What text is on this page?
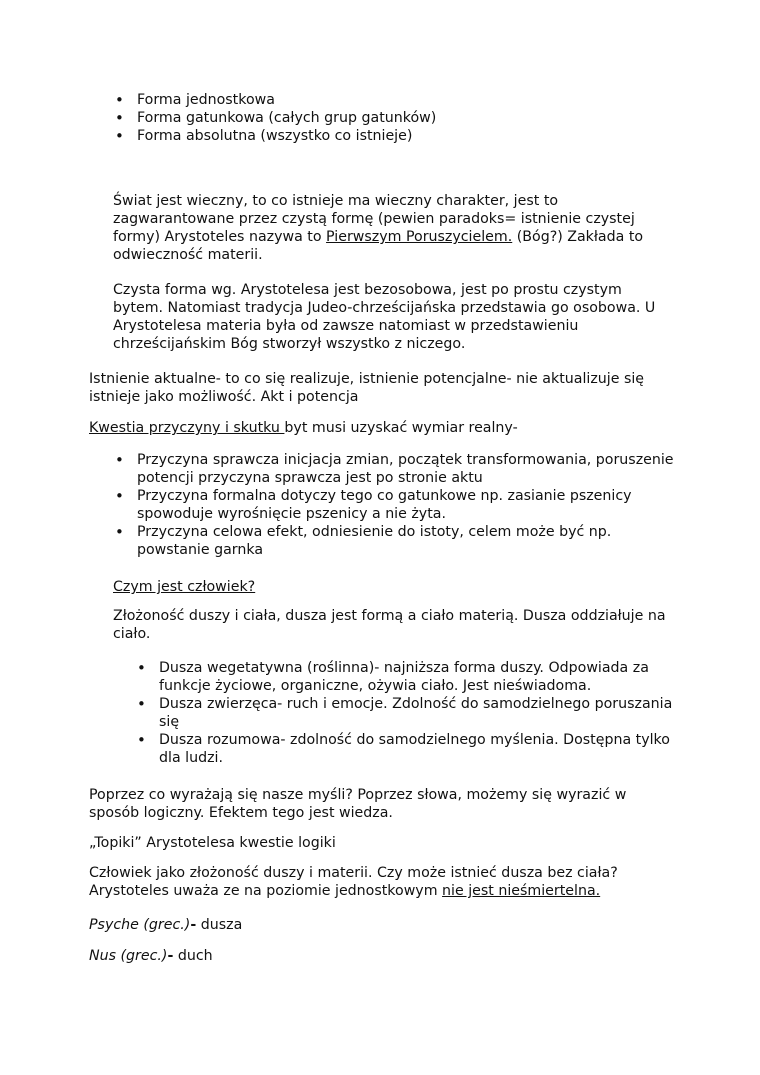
• Forma jednostkowa
• Forma gatunkowa (całych grup gatunków)
• Forma absolutna (wszystko co istnieje)

Świat jest wieczny, to co istnieje ma wieczny charakter, jest to zagwarantowane przez czystą formę (pewien paradoks= istnienie czystej formy) Arystoteles nazywa to Pierwszym Poruszycielem. (Bóg?) Zakłada to odwieczność materii.

Czysta forma wg. Arystotelesa jest bezosobowa, jest po prostu czystym bytem. Natomiast tradycja Judeo-chrześcijańska przedstawia go osobowa. U Arystotelesa materia była od zawsze natomiast w przedstawieniu chrześcijańskim Bóg stworzył wszystko z niczego.

Istnienie aktualne- to co się realizuje, istnienie potencjalne- nie aktualizuje się istnieje jako możliwość. Akt i potencja

Kwestia przyczyny i skutku byt musi uzyskać wymiar realny-

• Przyczyna sprawcza inicjacja zmian, początek transformowania, poruszenie potencji przyczyna sprawcza jest po stronie aktu
• Przyczyna formalna dotyczy tego co gatunkowe np. zasianie pszenicy spowoduje wyrośnięcie pszenicy a nie żyta.
• Przyczyna celowa efekt, odniesienie do istoty, celem może być np. powstanie garnka

Czym jest człowiek?

Złożoność duszy i ciała, dusza jest formą a ciało materią. Dusza oddziałuje na ciało.

• Dusza wegetatywna (roślinna)- najniższa forma duszy. Odpowiada za funkcje życiowe, organiczne, ożywia ciało. Jest nieświadoma.
• Dusza zwierzęca- ruch i emocje. Zdolność do samodzielnego poruszania się
• Dusza rozumowa- zdolność do samodzielnego myślenia. Dostępna tylko dla ludzi.

Poprzez co wyrażają się nasze myśli? Poprzez słowa, możemy się wyrazić w sposób logiczny. Efektem tego jest wiedza.

„Topiki” Arystotelesa kwestie logiki

Człowiek jako złożoność duszy i materii. Czy może istnieć dusza bez ciała? Arystoteles uważa ze na poziomie jednostkowym nie jest nieśmiertelna.

Psyche (grec.)- dusza

Nus (grec.)- duch
